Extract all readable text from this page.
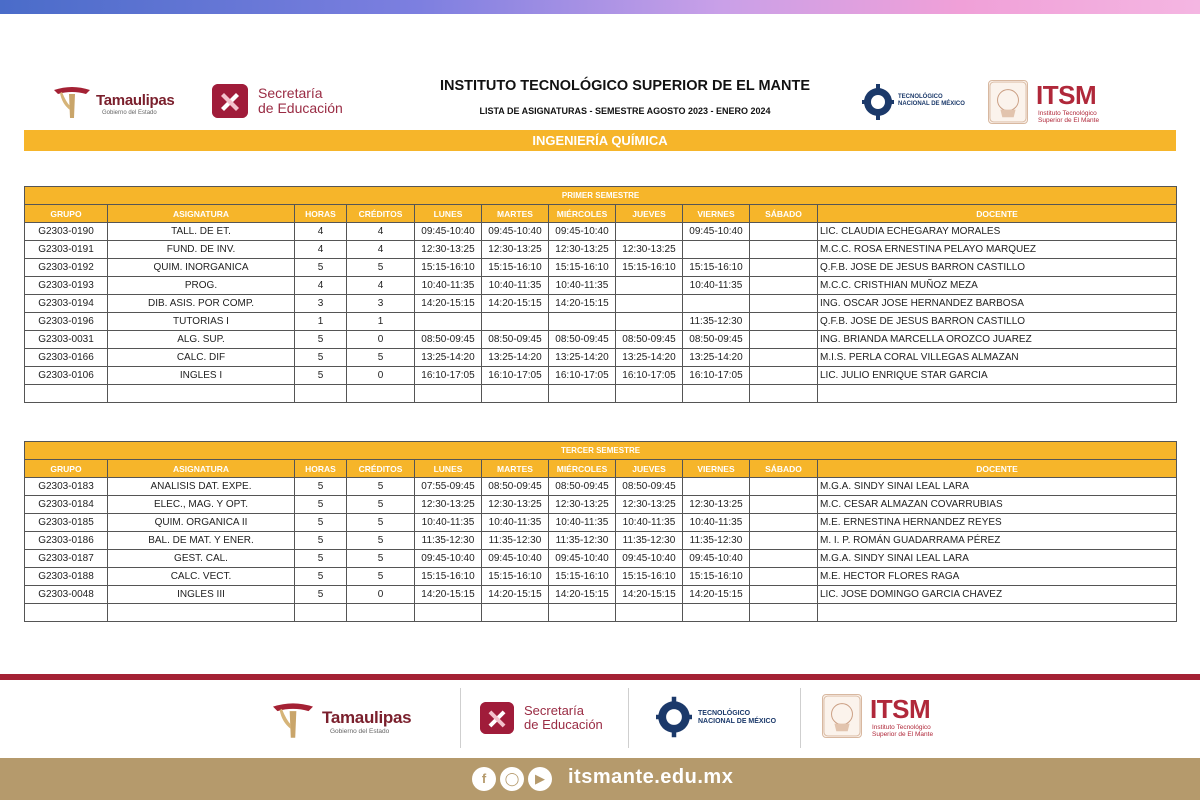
Tamaulipas
Gobierno del Estado
Secretaría
de Educación
INSTITUTO TECNOLÓGICO SUPERIOR DE EL MANTE
LISTA DE ASIGNATURAS - SEMESTRE AGOSTO 2023 - ENERO 2024
TECNOLÓGICO
NACIONAL DE MÉXICO	ITSM
Instituto Tecnológico
Superior de El Mante
INGENIERÍA QUÍMICA
PRIMER SEMESTRE										
GRUPO	ASIGNATURA	HORAS	CRÉDITOS	LUNES	MARTES	MIÉRCOLES	JUEVES	VIERNES	SÁBADO	DOCENTE
G2303-0190	TALL. DE ET.	4	4	09:45-10:40	09:45-10:40	09:45-10:40		09:45-10:40		LIC. CLAUDIA ECHEGARAY MORALES
G2303-0191	FUND. DE INV.	4	4	12:30-13:25	12:30-13:25	12:30-13:25	12:30-13:25			M.C.C. ROSA ERNESTINA PELAYO MARQUEZ
G2303-0192	QUIM. INORGANICA	5	5	15:15-16:10	15:15-16:10	15:15-16:10	15:15-16:10	15:15-16:10		Q.F.B. JOSE DE JESUS BARRON CASTILLO
G2303-0193	PROG.	4	4	10:40-11:35	10:40-11:35	10:40-11:35		10:40-11:35		M.C.C. CRISTHIAN MUÑOZ MEZA
G2303-0194	DIB. ASIS. POR COMP.	3	3	14:20-15:15	14:20-15:15	14:20-15:15				ING. OSCAR JOSE HERNANDEZ BARBOSA
G2303-0196	TUTORIAS I	1	1					11:35-12:30		Q.F.B. JOSE DE JESUS BARRON CASTILLO
G2303-0031	ALG. SUP.	5	0	08:50-09:45	08:50-09:45	08:50-09:45	08:50-09:45	08:50-09:45		ING. BRIANDA MARCELLA OROZCO JUAREZ
G2303-0166	CALC. DIF	5	5	13:25-14:20	13:25-14:20	13:25-14:20	13:25-14:20	13:25-14:20		M.I.S. PERLA CORAL VILLEGAS ALMAZAN
G2303-0106	INGLES I	5	0	16:10-17:05	16:10-17:05	16:10-17:05	16:10-17:05	16:10-17:05		LIC. JULIO ENRIQUE STAR GARCIA

TERCER SEMESTRE										
GRUPO	ASIGNATURA	HORAS	CRÉDITOS	LUNES	MARTES	MIÉRCOLES	JUEVES	VIERNES	SÁBADO	DOCENTE
G2303-0183	ANALISIS DAT. EXPE.	5	5	07:55-09:45	08:50-09:45	08:50-09:45	08:50-09:45			M.G.A. SINDY SINAI LEAL LARA
G2303-0184	ELEC., MAG. Y OPT.	5	5	12:30-13:25	12:30-13:25	12:30-13:25	12:30-13:25	12:30-13:25		M.C. CESAR ALMAZAN COVARRUBIAS
G2303-0185	QUIM. ORGANICA II	5	5	10:40-11:35	10:40-11:35	10:40-11:35	10:40-11:35	10:40-11:35		M.E. ERNESTINA HERNANDEZ REYES
G2303-0186	BAL. DE MAT. Y ENER.	5	5	11:35-12:30	11:35-12:30	11:35-12:30	11:35-12:30	11:35-12:30		M. I. P. ROMÁN GUADARRAMA PÉREZ
G2303-0187	GEST. CAL.	5	5	09:45-10:40	09:45-10:40	09:45-10:40	09:45-10:40	09:45-10:40		M.G.A. SINDY SINAI LEAL LARA
G2303-0188	CALC. VECT.	5	5	15:15-16:10	15:15-16:10	15:15-16:10	15:15-16:10	15:15-16:10		M.E. HECTOR FLORES RAGA
G2303-0048	INGLES III	5	0	14:20-15:15	14:20-15:15	14:20-15:15	14:20-15:15	14:20-15:15		LIC. JOSE DOMINGO GARCIA CHAVEZ

Tamaulipas
Gobierno del Estado
Secretaría
de Educación
TECNOLÓGICO
NACIONAL DE MÉXICO	ITSM
Instituto Tecnológico
Superior de El Mante
f	◯	▶	itsmante.edu.mx
